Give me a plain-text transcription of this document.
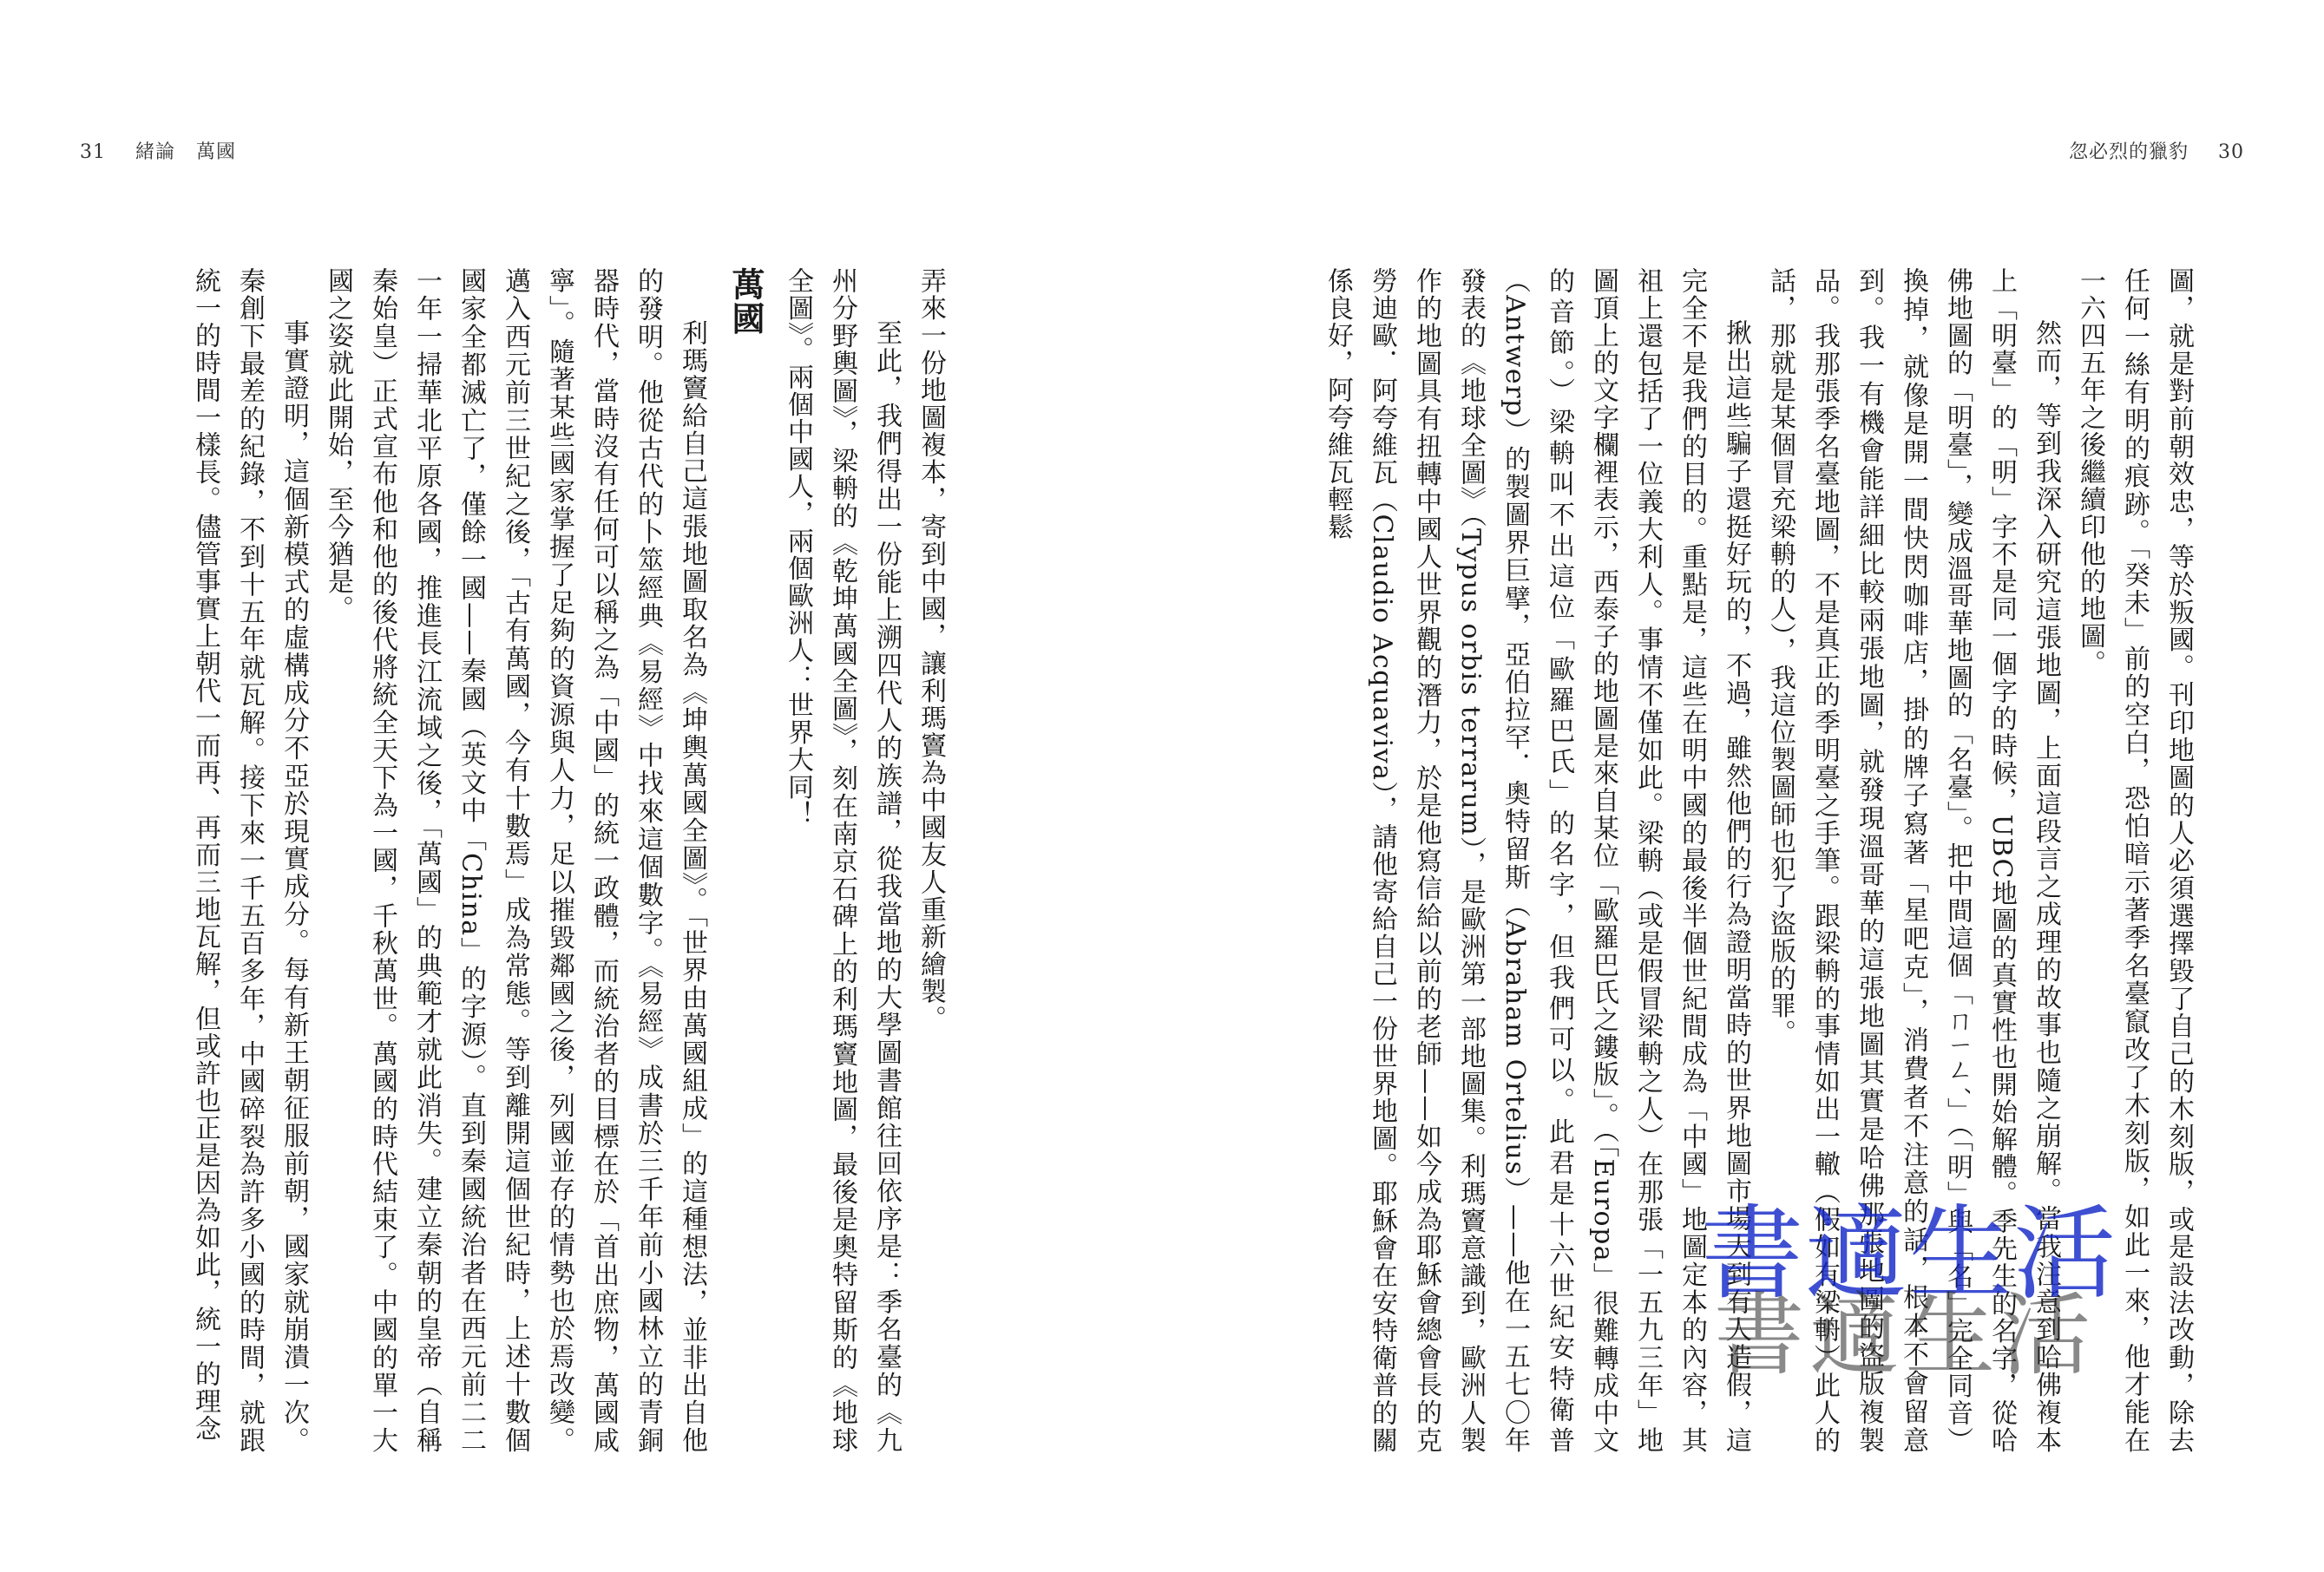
31 緒論 萬國	忽必烈的獵豹 30

圖，就是對前朝效忠，等於叛國。刊印地圖的人必須選擇毀了自己的木刻版，或是設法改動，除去任何一絲有明的痕跡。「癸未」前的空白，恐怕暗示著季名臺竄改了木刻版，如此一來，他才能在一六四五年之後繼續印他的地圖。

然而，等到我深入研究這張地圖，上面這段言之成理的故事也隨之崩解。當我注意到哈佛複本上「明臺」的「明」字不是同一個字的時候，UBC地圖的真實性也開始解體。季先生的名字，從哈佛地圖的「明臺」，變成溫哥華地圖的「名臺」。把中間這個「ㄇㄧㄥˊ」（「明」與「名」完全同音）換掉，就像是開一間快閃咖啡店，掛的牌子寫著「星吧克」，消費者不注意的話，根本不會留意到。我一有機會能詳細比較兩張地圖，就發現溫哥華的這張地圖其實是哈佛那張地圖的盜版複製品。我那張季名臺地圖，不是真正的季明臺之手筆。跟梁輈的事情如出一轍（假如有梁輈）此人的話，那就是某個冒充梁輈的人），我這位製圖師也犯了盜版的罪。

揪出這些騙子還挺好玩的，不過，雖然他們的行為證明當時的世界地圖市場大到有人造假，這完全不是我們的目的。重點是，這些在明中國的最後半個世紀間成為「中國」地圖定本的內容，其祖上還包括了一位義大利人。事情不僅如此。梁輈（或是假冒梁輈之人）在那張「一五九三年」地圖頂上的文字欄裡表示，西泰子的地圖是來自某位「歐羅巴氏之鏤版」。（「Europa」很難轉成中文的音節。）梁輈叫不出這位「歐羅巴氏」的名字，但我們可以。此君是十六世紀安特衛普（Antwerp）的製圖界巨擘，亞伯拉罕．奧特留斯（Abraham Ortelius）——他在一五七〇年發表的《地球全圖》（Typus orbis terrarum），是歐洲第一部地圖集。利瑪竇意識到，歐洲人製作的地圖具有扭轉中國人世界觀的潛力，於是他寫信給以前的老師——如今成為耶穌會總會長的克勞迪歐．阿夸維瓦（Claudio Acquaviva），請他寄給自己一份世界地圖。耶穌會在安特衛普的關係良好，阿夸維瓦輕鬆

弄來一份地圖複本，寄到中國，讓利瑪竇為中國友人重新繪製。

至此，我們得出一份能上溯四代人的族譜，從我當地的大學圖書館往回依序是：季名臺的《九州分野輿圖》，梁輈的《乾坤萬國全圖》，刻在南京石碑上的利瑪竇地圖，最後是奧特留斯的《地球全圖》。兩個中國人，兩個歐洲人：世界大同！

萬國

利瑪竇給自己這張地圖取名為《坤輿萬國全圖》。「世界由萬國組成」的這種想法，並非出自他的發明。他從古代的卜筮經典《易經》中找來這個數字。《易經》成書於三千年前小國林立的青銅器時代，當時沒有任何可以稱之為「中國」的統一政體，而統治者的目標在於「首出庶物，萬國咸寧」。隨著某些國家掌握了足夠的資源與人力，足以摧毀鄰國之後，列國並存的情勢也於焉改變。邁入西元前三世紀之後，「古有萬國，今有十數焉」成為常態。等到離開這個世紀時，上述十數個國家全都滅亡了，僅餘一國——秦國（英文中「China」的字源）。直到秦國統治者在西元前二二一年一掃華北平原各國，推進長江流域之後，「萬國」的典範才就此消失。建立秦朝的皇帝（自稱秦始皇）正式宣布他和他的後代將統全天下為一國，千秋萬世。萬國的時代結束了。中國的單一大國之姿就此開始，至今猶是。

事實證明，這個新模式的虛構成分不亞於現實成分。每有新王朝征服前朝，國家就崩潰一次。秦創下最差的紀錄，不到十五年就瓦解。接下來一千五百多年，中國碎裂為許多小國的時間，就跟統一的時間一樣長。儘管事實上朝代一而再、再而三地瓦解，但或許也正是因為如此，統一的理念	書適生活
書適生活
